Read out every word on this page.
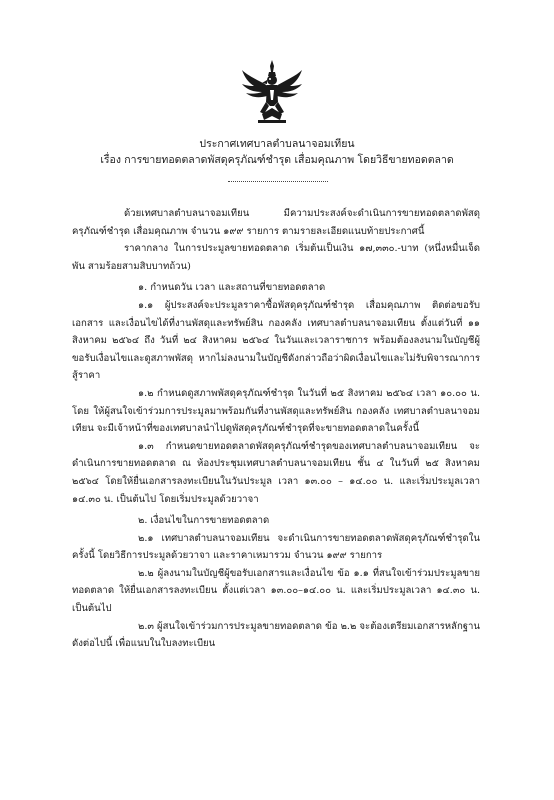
ประกาศเทศบาลตำบลนาจอมเทียน
เรื่อง การขายทอดตลาดพัสดุครุภัณฑ์ชำรุด เสื่อมคุณภาพ โดยวิธีขายทอดตลาด

ด้วยเทศบาลตำบลนาจอมเทียน มีความประสงค์จะดำเนินการขายทอดตลาดพัสดุครุภัณฑ์ชำรุด เสื่อมคุณภาพ จำนวน ๑๙๙ รายการ ตามรายละเอียดแนบท้ายประกาศนี้

ราคากลาง ในการประมูลขายทอดตลาด เริ่มต้นเป็นเงิน ๑๗,๓๓๐.-บาท (หนึ่งหมื่นเจ็ดพัน สามร้อยสามสิบบาทถ้วน)

๑. กำหนดวัน เวลา และสถานที่ขายทอดตลาด

๑.๑ ผู้ประสงค์จะประมูลราคาซื้อพัสดุครุภัณฑ์ชำรุด เสื่อมคุณภาพ ติดต่อขอรับเอกสาร และเงื่อนไขได้ที่งานพัสดุและทรัพย์สิน กองคลัง เทศบาลตำบลนาจอมเทียน ตั้งแต่วันที่ ๑๑ สิงหาคม ๒๕๖๔ ถึง วันที่ ๒๔ สิงหาคม ๒๕๖๔ ในวันและเวลาราชการ พร้อมต้องลงนามในบัญชีผู้ขอรับเงื่อนไขและดูสภาพพัสดุ หากไม่ลงนามในบัญชีดังกล่าวถือว่าผิดเงื่อนไขและไม่รับพิจารณาการสู้ราคา

๑.๒ กำหนดดูสภาพพัสดุครุภัณฑ์ชำรุด ในวันที่ ๒๕ สิงหาคม ๒๕๖๔ เวลา ๑๐.๐๐ น. โดย ให้ผู้สนใจเข้าร่วมการประมูลมาพร้อมกันที่งานพัสดุและทรัพย์สิน กองคลัง เทศบาลตำบลนาจอมเทียน จะมีเจ้าหน้าที่ของเทศบาลนำไปดูพัสดุครุภัณฑ์ชำรุดที่จะขายทอดตลาดในครั้งนี้

๑.๓ กำหนดขายทอดตลาดพัสดุครุภัณฑ์ชำรุดของเทศบาลตำบลนาจอมเทียน จะดำเนินการขายทอดตลาด ณ ห้องประชุมเทศบาลตำบลนาจอมเทียน ชั้น ๔ ในวันที่ ๒๕ สิงหาคม ๒๕๖๔ โดยให้ยื่นเอกสารลงทะเบียนในวันประมูล เวลา ๑๓.๐๐ – ๑๔.๐๐ น. และเริ่มประมูลเวลา ๑๔.๓๐ น. เป็นต้นไป โดยเริ่มประมูลด้วยวาจา

๒. เงื่อนไขในการขายทอดตลาด

๒.๑ เทศบาลตำบลนาจอมเทียน จะดำเนินการขายทอดตลาดพัสดุครุภัณฑ์ชำรุดในครั้งนี้ โดยวิธีการประมูลด้วยวาจา และราคาเหมารวม จำนวน ๑๙๙ รายการ

๒.๒ ผู้ลงนามในบัญชีผู้ขอรับเอกสารและเงื่อนไข ข้อ ๑.๑ ที่สนใจเข้าร่วมประมูลขายทอดตลาด ให้ยื่นเอกสารลงทะเบียน ตั้งแต่เวลา ๑๓.๐๐–๑๔.๐๐ น. และเริ่มประมูลเวลา ๑๔.๓๐ น. เป็นต้นไป

๒.๓ ผู้สนใจเข้าร่วมการประมูลขายทอดตลาด ข้อ ๒.๒ จะต้องเตรียมเอกสารหลักฐาน ดังต่อไปนี้ เพื่อแนบในใบลงทะเบียน
